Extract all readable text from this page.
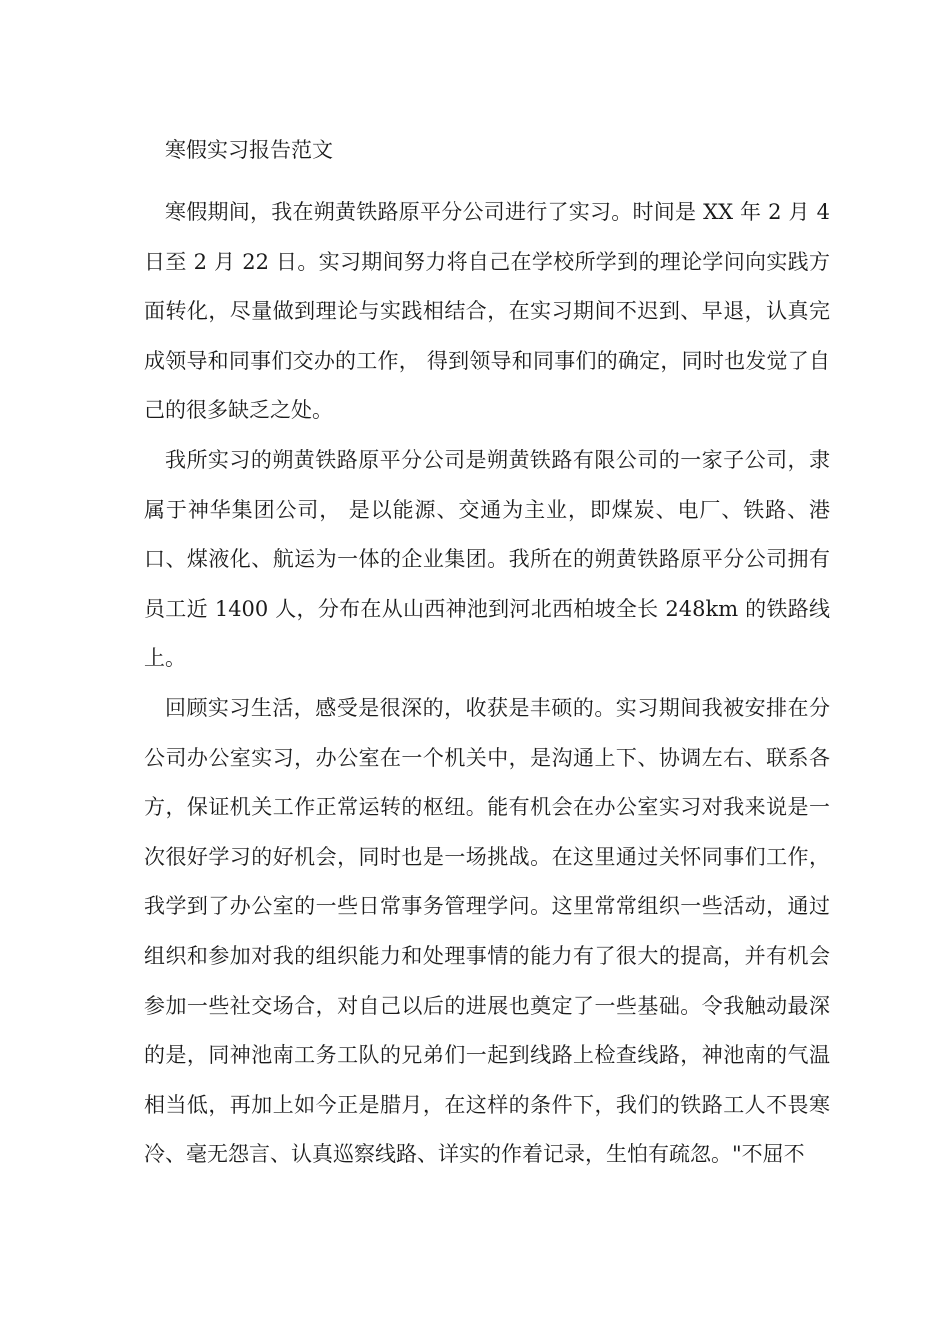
寒假实习报告范文

寒假期间，我在朔黄铁路原平分公司进行了实习。时间是 XX 年 2 月 4 日至 2 月 22 日。实习期间努力将自己在学校所学到的理论学问向实践方面转化，尽量做到理论与实践相结合，在实习期间不迟到、早退，认真完成领导和同事们交办的工作， 得到领导和同事们的确定，同时也发觉了自己的很多缺乏之处。

我所实习的朔黄铁路原平分公司是朔黄铁路有限公司的一家子公司，隶属于神华集团公司， 是以能源、交通为主业，即煤炭、电厂、铁路、港口、煤液化、航运为一体的企业集团。我所在的朔黄铁路原平分公司拥有员工近 1400 人，分布在从山西神池到河北西柏坡全长 248km 的铁路线上。

回顾实习生活，感受是很深的，收获是丰硕的。实习期间我被安排在分公司办公室实习，办公室在一个机关中，是沟通上下、协调左右、联系各方，保证机关工作正常运转的枢纽。能有机会在办公室实习对我来说是一次很好学习的好机会，同时也是一场挑战。在这里通过关怀同事们工作，我学到了办公室的一些日常事务管理学问。这里常常组织一些活动，通过组织和参加对我的组织能力和处理事情的能力有了很大的提高，并有机会参加一些社交场合，对自己以后的进展也奠定了一些基础。令我触动最深的是，同神池南工务工队的兄弟们一起到线路上检查线路，神池南的气温相当低，再加上如今正是腊月，在这样的条件下，我们的铁路工人不畏寒冷、毫无怨言、认真巡察线路、详实的作着记录，生怕有疏忽。"不屈不
